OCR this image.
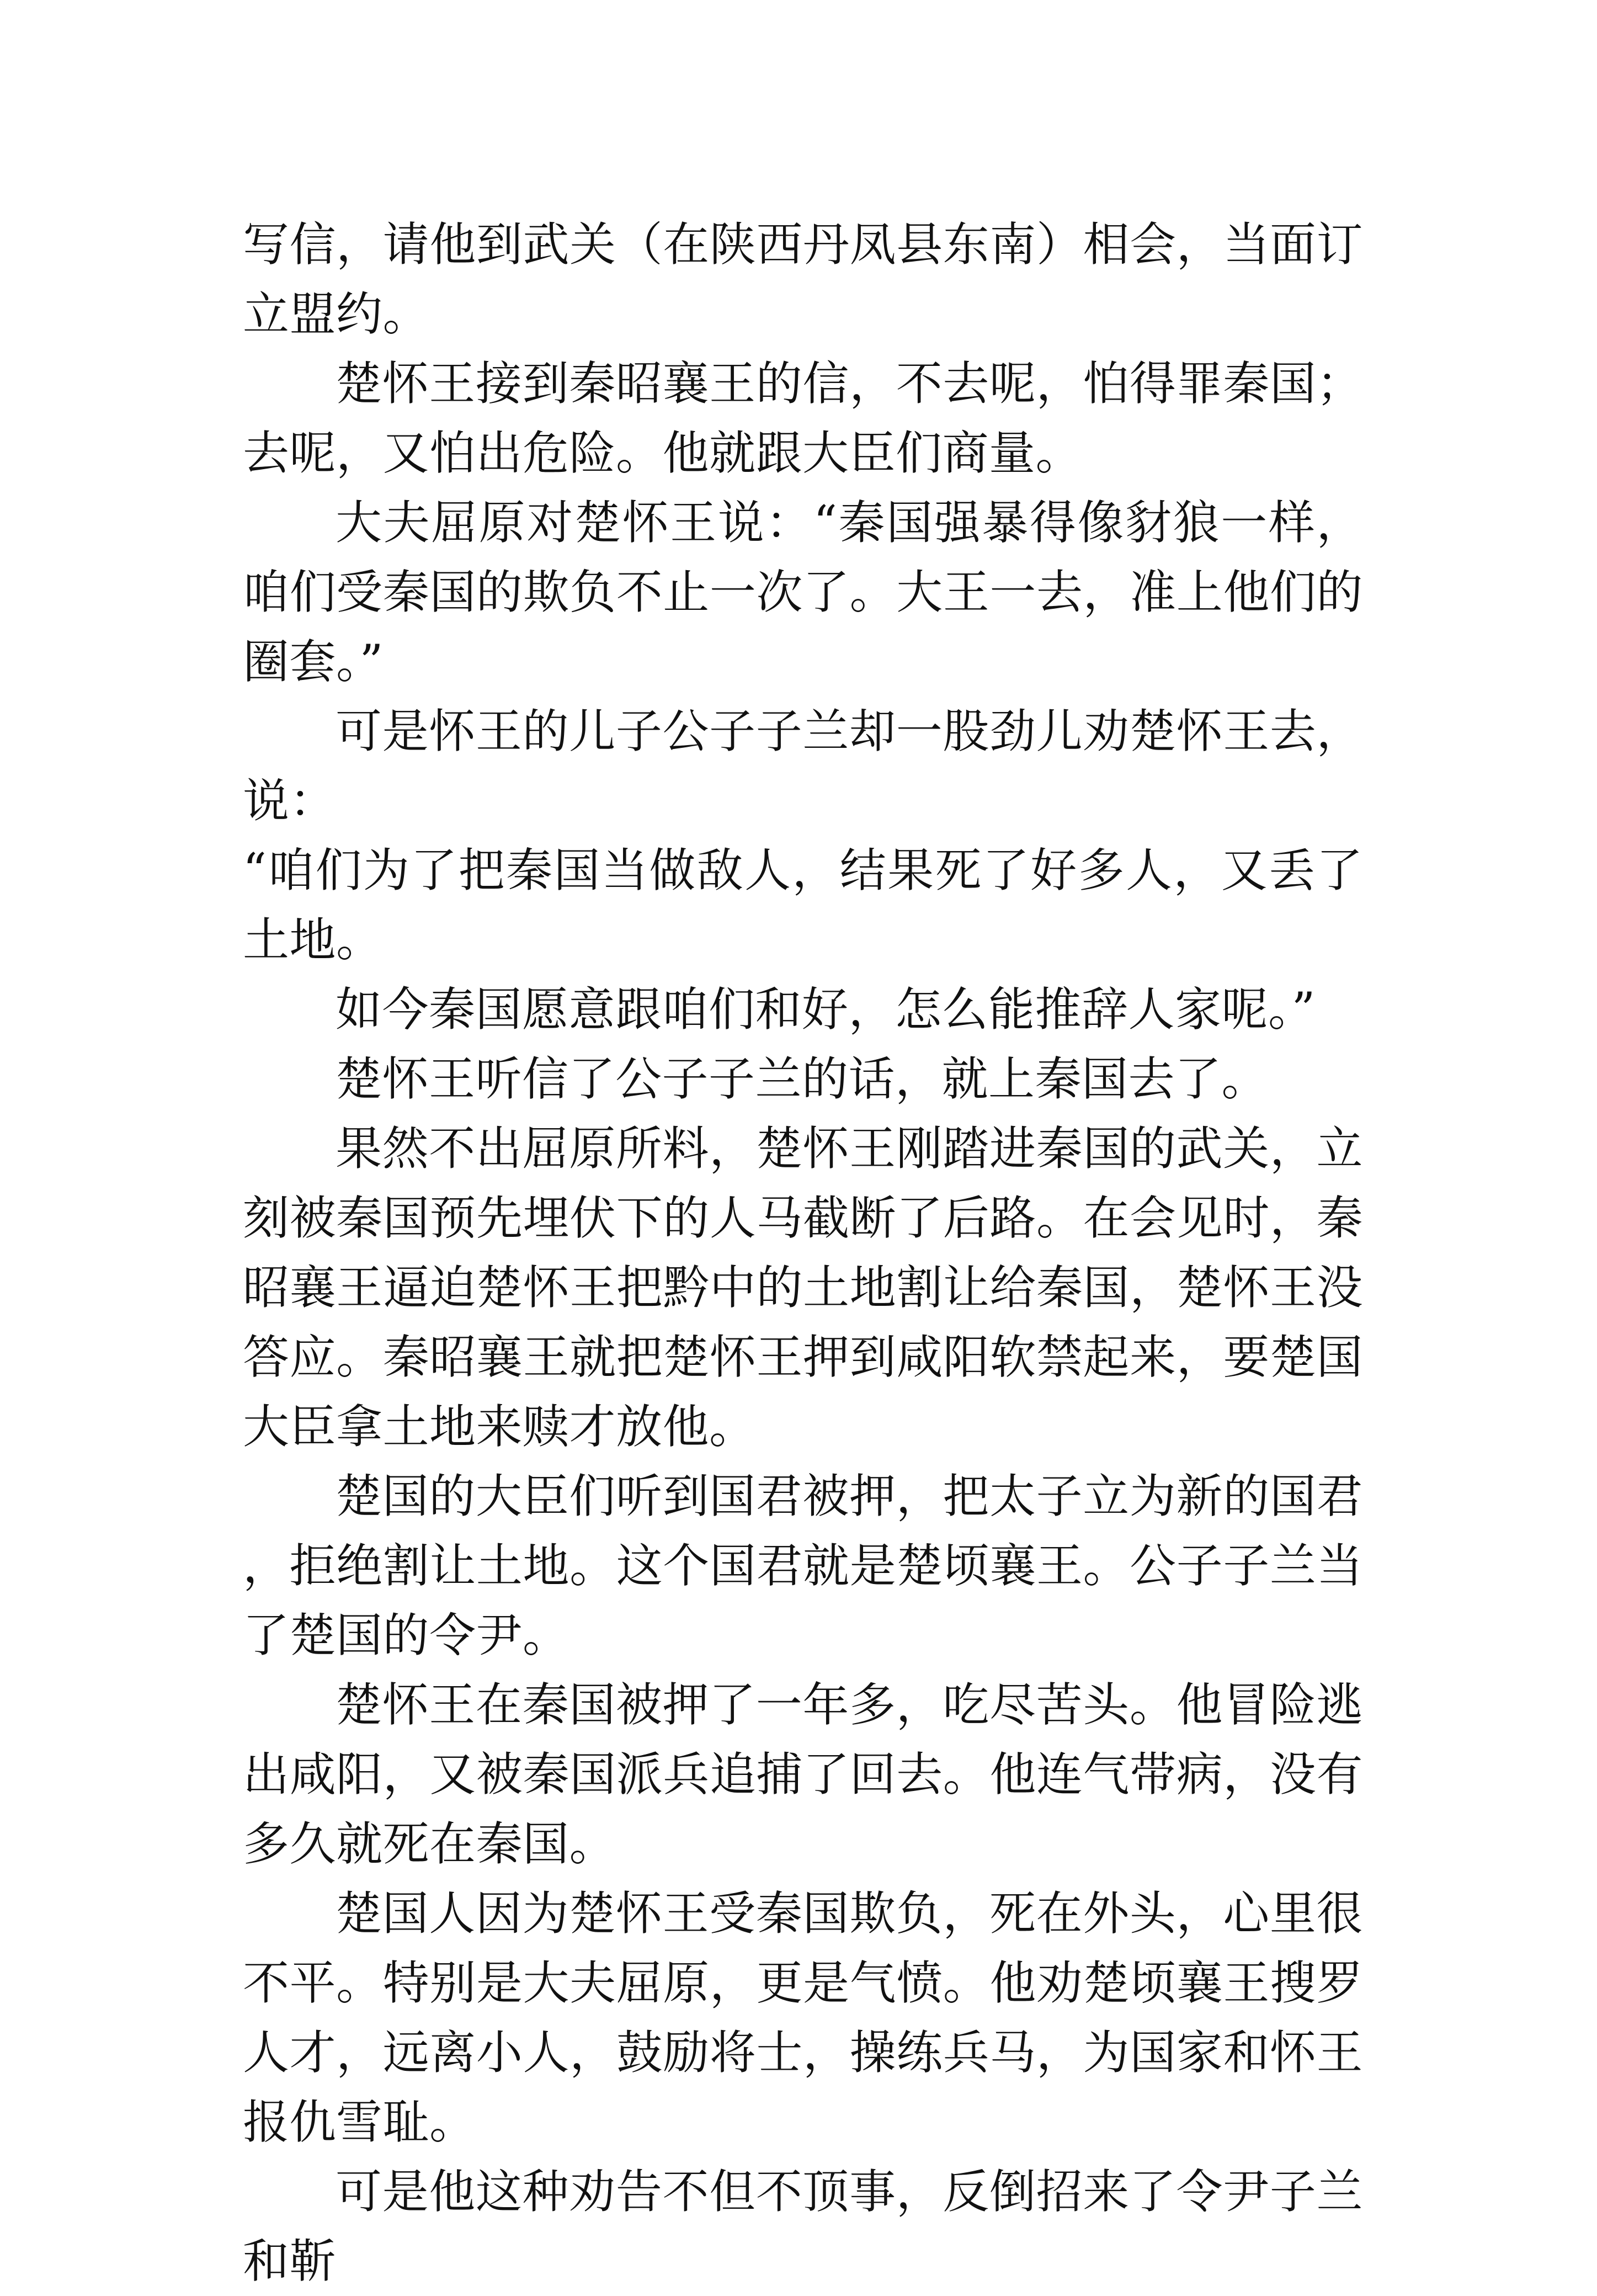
写信，请他到武关（在陕西丹凤县东南）相会，当面订立盟约。

楚怀王接到秦昭襄王的信，不去呢，怕得罪秦国；去呢，又怕出危险。他就跟大臣们商量。

大夫屈原对楚怀王说：“秦国强暴得像豺狼一样，咱们受秦国的欺负不止一次了。大王一去，准上他们的圈套。”

可是怀王的儿子公子子兰却一股劲儿劝楚怀王去，说：

“咱们为了把秦国当做敌人，结果死了好多人，又丢了土地。

如今秦国愿意跟咱们和好，怎么能推辞人家呢。”

楚怀王听信了公子子兰的话，就上秦国去了。

果然不出屈原所料，楚怀王刚踏进秦国的武关，立刻被秦国预先埋伏下的人马截断了后路。在会见时，秦昭襄王逼迫楚怀王把黔中的土地割让给秦国，楚怀王没答应。秦昭襄王就把楚怀王押到咸阳软禁起来，要楚国大臣拿土地来赎才放他。

楚国的大臣们听到国君被押，把太子立为新的国君，拒绝割让土地。这个国君就是楚顷襄王。公子子兰当了楚国的令尹。

楚怀王在秦国被押了一年多，吃尽苦头。他冒险逃出咸阳，又被秦国派兵追捕了回去。他连气带病，没有多久就死在秦国。

楚国人因为楚怀王受秦国欺负，死在外头，心里很不平。特别是大夫屈原，更是气愤。他劝楚顷襄王搜罗人才，远离小人，鼓励将士，操练兵马，为国家和怀王报仇雪耻。

可是他这种劝告不但不顶事，反倒招来了令尹子兰和靳
